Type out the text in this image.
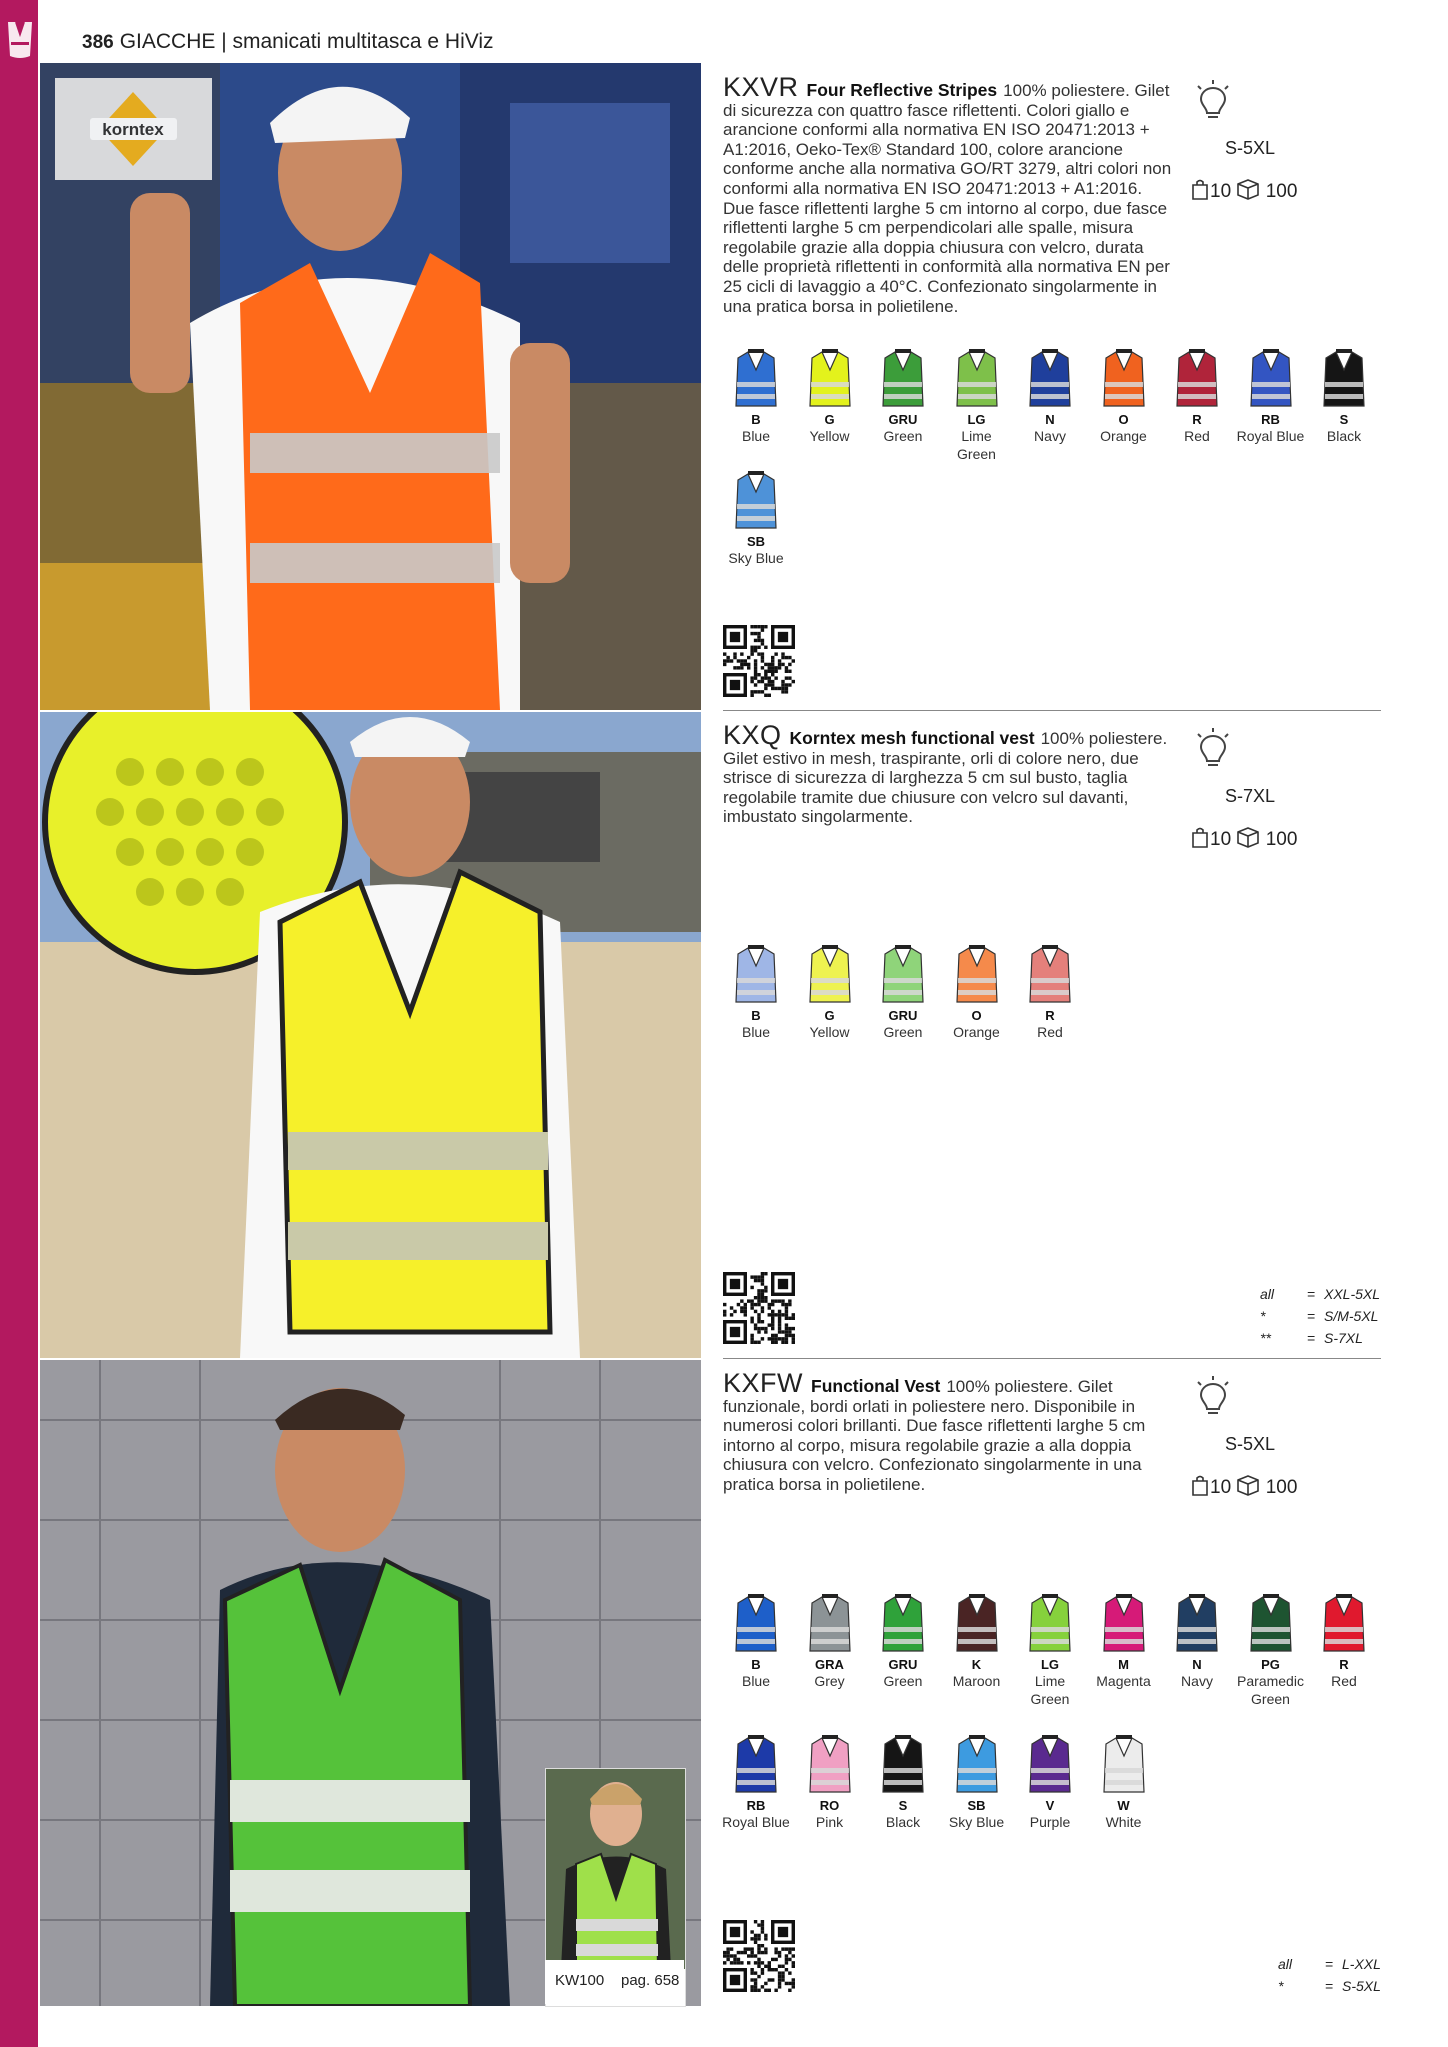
386 GIACCHE | smanicati multitasca e HiViz
korntex
KW100 pag. 658
KXVR Four Reflective Stripes 100% poliestere. Gilet di sicurezza con quattro fasce riflettenti. Colori giallo e arancione conformi alla normativa EN ISO 20471:2013 + A1:2016, Oeko-Tex® Standard 100, colore arancione conforme anche alla normativa GO/RT 3279, altri colori non conformi alla normativa EN ISO 20471:2013 + A1:2016. Due fasce riflettenti larghe 5 cm intorno al corpo, due fasce riflettenti larghe 5 cm perpendicolari alle spalle, misura regolabile grazie alla doppia chiusura con velcro, durata delle proprietà riflettenti in conformità alla normativa EN per 25 cicli di lavaggio a 40°C. Confezionato singolarmente in una pratica borsa in polietilene.
KXQ Korntex mesh functional vest 100% poliestere. Gilet estivo in mesh, traspirante, orli di colore nero, due strisce di sicurezza di larghezza 5 cm sul busto, taglia regolabile tramite due chiusure con velcro sul davanti, imbustato singolarmente.
KXFW Functional Vest 100% poliestere. Gilet funzionale, bordi orlati in poliestere nero. Disponibile in numerosi colori brillanti. Due fasce riflettenti larghe 5 cm intorno al corpo, misura regolabile grazie a alla doppia chiusura con velcro. Confezionato singolarmente in una pratica borsa in polietilene.
S-5XL
10 100
S-7XL
10 100
S-5XL
10 100
B
Blue
G
Yellow
GRU
Green
LG
Lime Green
N
Navy
O
Orange
R
Red
RB
Royal Blue
S
Black
SB
Sky Blue
B
Blue
G
Yellow
GRU
Green
O
Orange
R
Red
B
Blue
GRA
Grey
GRU
Green
K
Maroon
LG
Lime Green
M
Magenta
N
Navy
PG
Paramedic Green
R
Red
RB
Royal Blue
RO
Pink
S
Black
SB
Sky Blue
V
Purple
W
White
all = XXL-5XL
*	= S/M-5XL
**	= S-7XL
all = L-XXL
*	= S-5XL
